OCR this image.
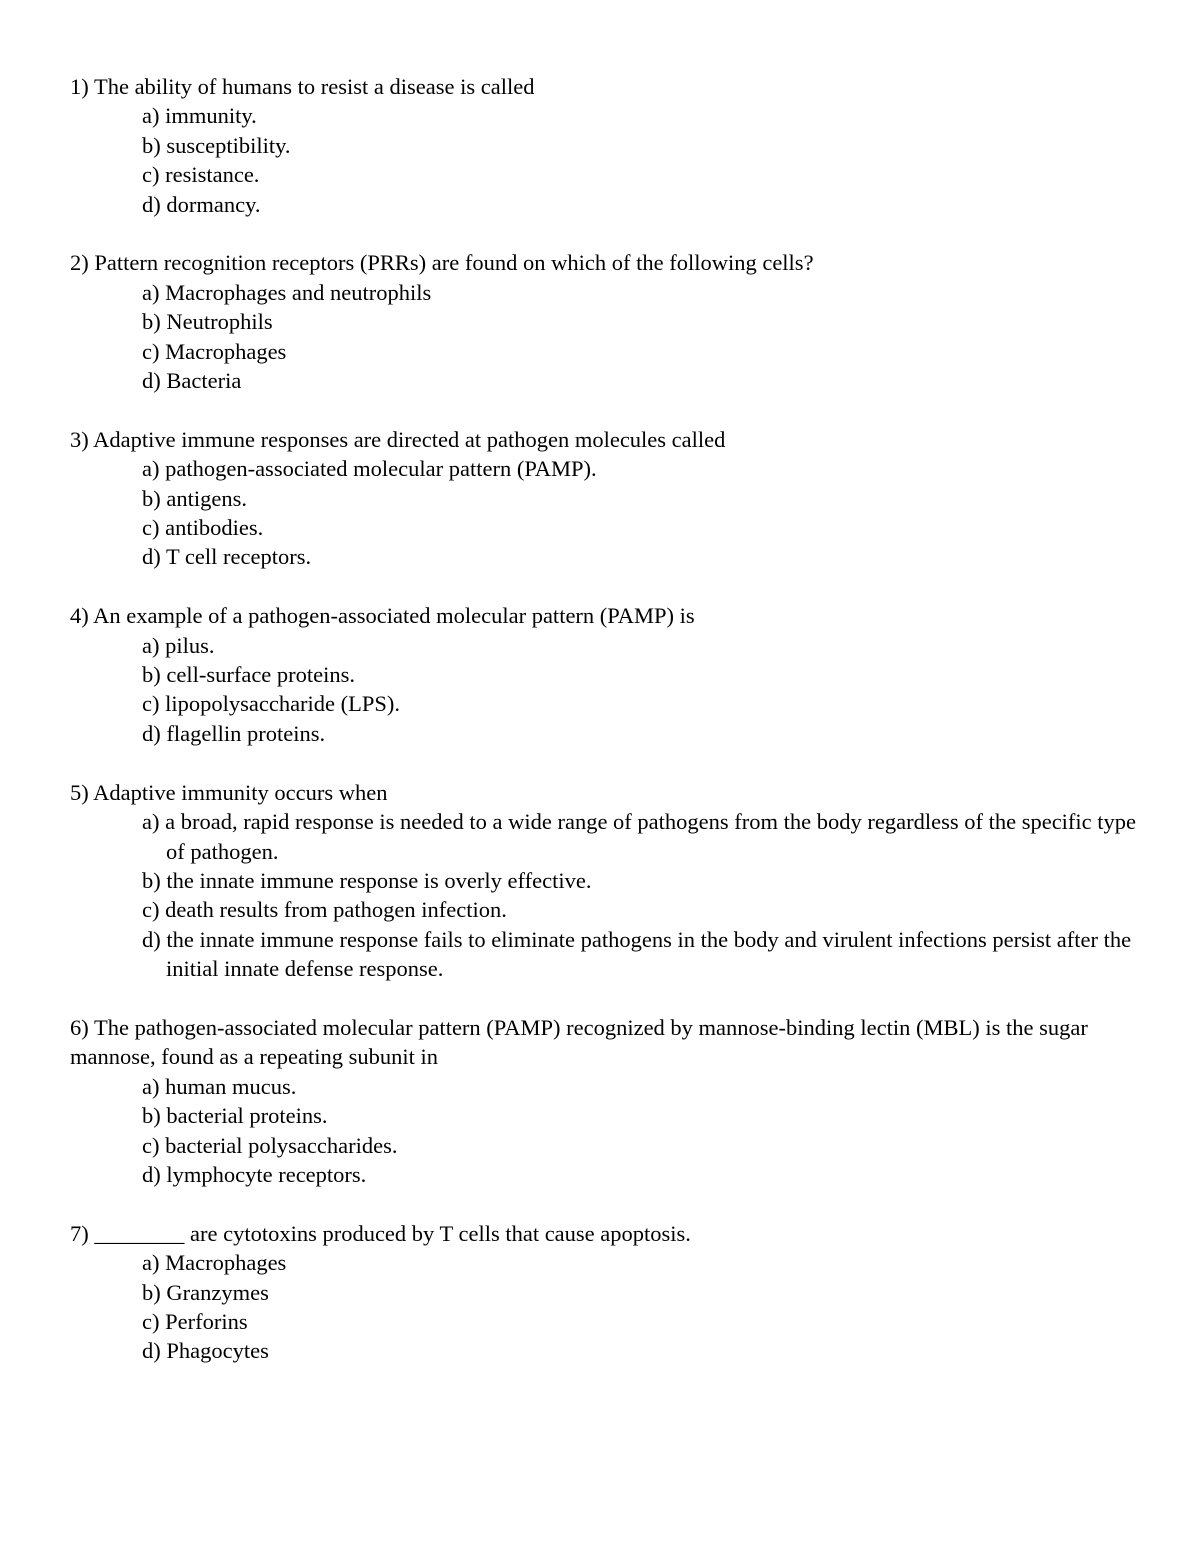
1) The ability of humans to resist a disease is called

a) immunity.
b) susceptibility.
c) resistance.
d) dormancy.

2) Pattern recognition receptors (PRRs) are found on which of the following cells?

a) Macrophages and neutrophils
b) Neutrophils
c) Macrophages
d) Bacteria

3) Adaptive immune responses are directed at pathogen molecules called

a) pathogen-associated molecular pattern (PAMP).
b) antigens.
c) antibodies.
d) T cell receptors.

4) An example of a pathogen-associated molecular pattern (PAMP) is

a) pilus.
b) cell-surface proteins.
c) lipopolysaccharide (LPS).
d) flagellin proteins.

5) Adaptive immunity occurs when

a) a broad, rapid response is needed to a wide range of pathogens from the body regardless of the specific type of pathogen.
b) the innate immune response is overly effective.
c) death results from pathogen infection.
d) the innate immune response fails to eliminate pathogens in the body and virulent infections persist after the initial innate defense response.

6) The pathogen-associated molecular pattern (PAMP) recognized by mannose-binding lectin (MBL) is the sugar mannose, found as a repeating subunit in

a) human mucus.
b) bacterial proteins.
c) bacterial polysaccharides.
d) lymphocyte receptors.

7) ________ are cytotoxins produced by T cells that cause apoptosis.

a) Macrophages
b) Granzymes
c) Perforins
d) Phagocytes
